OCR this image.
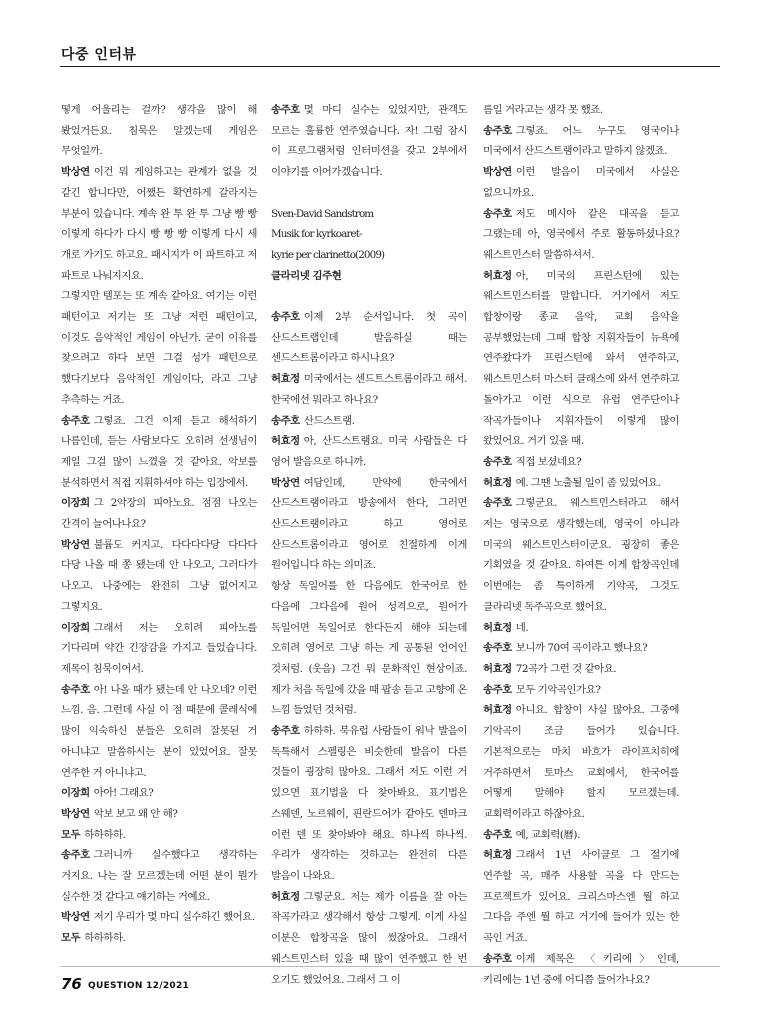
다중 인터뷰

떻게 어울리는 걸까? 생각을 많이 해 봤었거든요. 침묵은 알겠는데 게임은 무엇일까.

박상연 이건 뭐 게임하고는 관계가 없을 것 같긴 합니다만, 어쨌든 확연하게 갈라지는 부분이 있습니다. 계속 완 투 완 투 그냥 빵 빵 이렇게 하다가 다시 빵 빵 빵 이렇게 다시 세 개로 가기도 하고요. 패시지가 이 파트하고 저 파트로 나눠지지요.

그렇지만 템포는 또 계속 같아요. 여기는 이런 패턴이고 저기는 또 그냥 저런 패턴이고, 이것도 음악적인 게임이 아닌가. 굳이 이유를 찾으려고 하다 보면 그걸 성가 패턴으로 했다기보다 음악적인 게임이다, 라고 그냥 추측하는 거죠.

송주호 그렇죠. 그건 이제 듣고 해석하기 나름인데, 듣는 사람보다도 오히려 선생님이 제일 그걸 많이 느꼈을 것 같아요. 악보를 분석하면서 직접 지휘하셔야 하는 입장에서.

이장희 그 2악장의 피아노요. 점점 나오는 간격이 늘어나나요?

박상연 불륨도 커지고. 다다다다당 다다다 다당 나올 때 쫑 됐는데 안 나오고, 그러다가 나오고. 나중에는 완전히 그냥 없어지고 그렇지요.

이장희 그래서 저는 오히려 피아노를 기다리며 약간 긴장감을 가지고 들었습니다. 제목이 침묵이어서.

송주호 아! 나올 때가 됐는데 안 나오네? 이런 느낌. 음. 그런데 사실 이 점 때문에 콜레식에 많이 익숙하신 분들은 오히려 잘못된 거 아니냐고 말씀하시는 분이 있었어요. 잘못 연주한 거 아니냐고.

이장희 아아! 그래요?

박상연 악보 보고 왜 안 해?

모두 하하하하.

송주호 그러니까 실수했다고 생각하는 거지요. 나는 잘 모르겠는데 어떤 분이 뭔가 실수한 것 같다고 얘기하는 거예요.

박상연 저기 우리가 몇 마디 실수하긴 했어요.

모두 하하하하.

송주호 몇 마디 실수는 있었지만, 관객도 모르는 훌륭한 연주였습니다. 자! 그럼 잠시 이 프로그램처럼 인터미션을 갖고 2부에서 이야기를 이어가겠습니다.

Sven-David Sandstrom

Musik for kyrkoaret-

kyrie per clarinetto(2009)

클라리넷 김주현

송주호 이제 2부 순서입니다. 첫 곡이 산드스트랩인데 발음하실 때는 센드스트롬이라고 하시나요?

허효정 미국에서는 센드트스트롬이라고 해서. 한국에선 뭐라고 하나요?

송주호 산드스트램.

허효정 아, 산드스트램요. 미국 사람들은 다 영어 발음으로 하니까.

박상연 여담인데, 만약에 한국에서 산드스트램이라고 방송에서 한다, 그러면 산드스트램이라고 하고 영어로 산드스트롬이라고 영어로 친절하게 이게 원어입니다 하는 의미죠.

항상 독일어를 한 다음에도 한국어로 한 다음에 그다음에 원어 성격으로, 원어가 독일어면 독일어로 한다든지 해야 되는데 오히려 영어로 그냥 하는 게 공통된 언어인 것처럼. (웃음) 그건 뭐 문화적인 현상이죠. 제가 처음 독일에 갔을 때 팝송 듣고 고향에 온 느낌 들었던 것처럼.

송주호 하하하. 북유럽 사람들이 워낙 발음이 독특해서 스펠링은 비슷한데 발음이 다른 것들이 굉장히 많아요. 그래서 저도 이런 거 있으면 표기법을 다 찾아봐요. 표기법은 스웨덴, 노르웨이, 핀란드어가 같아도 덴마크 이런 덴 또 찾아봐야 해요. 하나씩 하나씩. 우리가 생각하는 것하고는 완전히 다른 발음이 나와요.

허효정 그렇군요. 저는 제가 이름을 잘 아는 작곡가라고 생각해서 항상 그렇게. 이게 사실 이분은 합창곡을 많이 썼잖아요. 그래서 웨스트민스터 있을 때 많이 연주했고 한 번 오기도 했었어요. 그래서 그 이

름일 거라고는 생각 못 했죠.

송주호 그렇죠. 어느 누구도 영국이나 미국에서 산드스트램이라고 말하지 않겠죠.

박상연 이런 발음이 미국에서 사실은 없으니까요.

송주호 저도 메시아 같은 대곡을 듣고 그랬는데 아, 영국에서 주로 활동하셨나요? 웨스트민스터 말씀하셔서.

허효정 아, 미국의 프린스턴에 있는 웨스트민스터를 말합니다. 거기에서 저도 합창이랑 종교 음악, 교회 음악을 공부했었는데 그때 합창 지휘자들이 뉴욕에 연주왔다가 프린스턴에 와서 연주하고, 웨스트민스터 마스터 클래스에 와서 연주하고 돌아가고 이런 식으로 유럽 연주단이나 작곡가들이나 지휘자들이 이렇게 많이 왔었어요. 거기 있을 때.

송주호 직접 보셨네요?

허효정 예. 그땐 노출될 일이 좀 있었어요.

송주호 그렇군요. 웨스트민스터라고 해서 저는 영국으로 생각했는데, 영국이 아니라 미국의 웨스트민스터이군요. 굉장히 좋은 기회였을 것 같아요. 하여튼 이게 합창곡인데 이번에는 좀 특이하게 기악곡, 그것도 클라리넷 독주곡으로 했어요.

허효정 네.

송주호 보니까 70여 곡이라고 했나요?

허효정 72곡가 그런 것 같아요.

송주호 모두 기악곡인가요?

허효정 아니요. 합창이 사실 많아요. 그중에 기악곡이 조금 들어가 있습니다. 기본적으로는 마치 바흐가 라이프치히에 거주하면서 토마스 교회에서, 한국어를 어떻게 말해야 할지 모르겠는데. 교회력이라고 하잖아요.

송주호 예, 교회력(曆).

허효정 그래서 1년 사이클로 그 절기에 연주할 곡, 매주 사용할 곡을 다 만드는 프로젝트가 있어요. 크리스마스엔 뭘 하고 그다음 주엔 뭘 하고 거기에 들어가 있는 한 곡인 거죠.

송주호 이게 제목은 〈키리에〉인데, 키리에는 1년 중에 어디쯤 들어가나요?

76 QUESTION 12/2021
